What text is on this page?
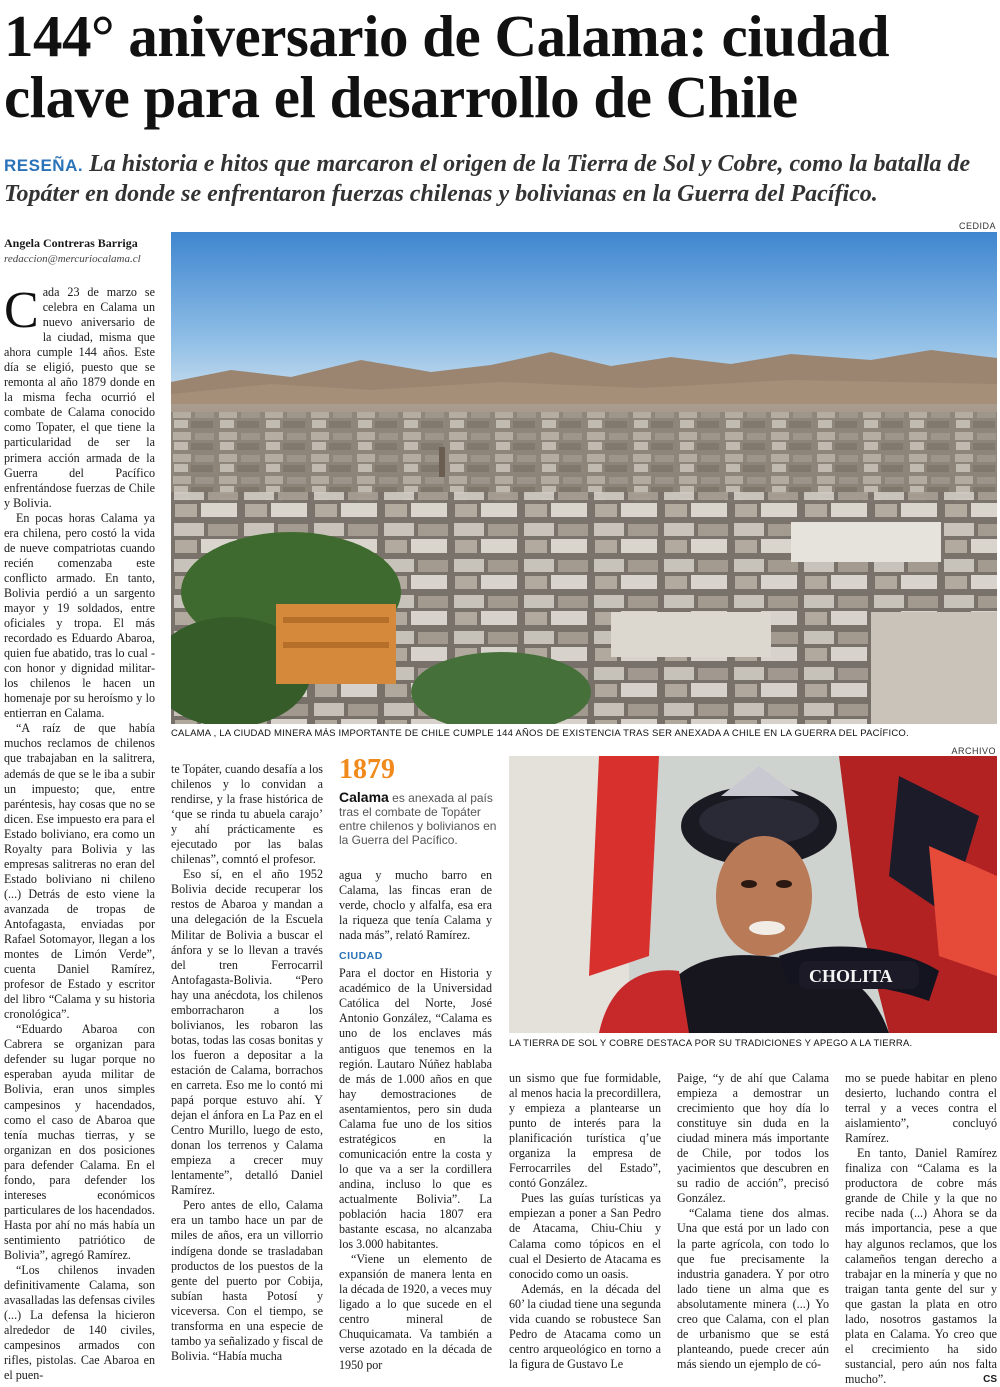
144° aniversario de Calama: ciudad clave para el desarrollo de Chile
RESEÑA. La historia e hitos que marcaron el origen de la Tierra de Sol y Cobre, como la batalla de Topáter en donde se enfrentaron fuerzas chilenas y bolivianas en la Guerra del Pacífico.
Angela Contreras Barriga
redaccion@mercuriocalama.cl
CEDIDA
CALAMA , LA CIUDAD MINERA MÁS IMPORTANTE DE CHILE CUMPLE 144 AÑOS DE EXISTENCIA TRAS SER ANEXADA A CHILE EN LA GUERRA DEL PACÍFICO.
ARCHIVO
CHOLITA
LA TIERRA DE SOL Y COBRE DESTACA POR SU TRADICIONES Y APEGO A LA TIERRA.
1879
Calama es anexada al país tras el combate de Topáter entre chilenos y bolivianos en la Guerra del Pacífico.

Cada 23 de marzo se celebra en Calama un nuevo aniversario de la ciudad, misma que ahora cumple 144 años. Este día se eligió, puesto que se remonta al año 1879 donde en la misma fecha ocurrió el combate de Calama conocido como Topater, el que tiene la particularidad de ser la primera acción armada de la Guerra del Pacífico enfrentándose fuerzas de Chile y Bolivia.

En pocas horas Calama ya era chilena, pero costó la vida de nueve compatriotas cuando recién comenzaba este conflicto armado. En tanto, Bolivia perdió a un sargento mayor y 19 soldados, entre oficiales y tropa. El más recordado es Eduardo Abaroa, quien fue abatido, tras lo cual -con honor y dignidad militar- los chilenos le hacen un homenaje por su heroísmo y lo entierran en Calama.

“A raíz de que había muchos reclamos de chilenos que trabajaban en la salitrera, además de que se le iba a subir un impuesto; que, entre paréntesis, hay cosas que no se dicen. Ese impuesto era para el Estado boliviano, era como un Royalty para Bolivia y las empresas salitreras no eran del Estado boliviano ni chileno (...) Detrás de esto viene la avanzada de tropas de Antofagasta, enviadas por Rafael Sotomayor, llegan a los montes de Limón Verde”, cuenta Daniel Ramírez, profesor de Estado y escritor del libro “Calama y su historia cronológica”.

“Eduardo Abaroa con Cabrera se organizan para defender su lugar porque no esperaban ayuda militar de Bolivia, eran unos simples campesinos y hacendados, como el caso de Abaroa que tenía muchas tierras, y se organizan en dos posiciones para defender Calama. En el fondo, para defender los intereses económicos particulares de los hacendados. Hasta por ahí no más había un sentimiento patriótico de Bolivia”, agregó Ramírez.

“Los chilenos invaden definitivamente Calama, son avasalladas las defensas civiles (...) La defensa la hicieron alrededor de 140 civiles, campesinos armados con rifles, pistolas. Cae Abaroa en el puen-

te Topáter, cuando desafía a los chilenos y lo convidan a rendirse, y la frase histórica de ‘que se rinda tu abuela carajo’ y ahí prácticamente es ejecutado por las balas chilenas”, comntó el profesor.

Eso sí, en el año 1952 Bolivia decide recuperar los restos de Abaroa y mandan a una delegación de la Escuela Militar de Bolivia a buscar el ánfora y se lo llevan a través del tren Ferrocarril Antofagasta-Bolivia. “Pero hay una anécdota, los chilenos emborracharon a los bolivianos, les robaron las botas, todas las cosas bonitas y los fueron a depositar a la estación de Calama, borrachos en carreta. Eso me lo contó mi papá porque estuvo ahí. Y dejan el ánfora en La Paz en el Centro Murillo, luego de esto, donan los terrenos y Calama empieza a crecer muy lentamente”, detalló Daniel Ramírez.

Pero antes de ello, Calama era un tambo hace un par de miles de años, era un villorrio indígena donde se trasladaban productos de los puestos de la gente del puerto por Cobija, subían hasta Potosí y viceversa. Con el tiempo, se transforma en una especie de tambo ya señalizado y fiscal de Bolivia. “Había mucha

agua y mucho barro en Calama, las fincas eran de verde, choclo y alfalfa, esa era la riqueza que tenía Calama y nada más”, relató Ramírez.

CIUDAD

Para el doctor en Historia y académico de la Universidad Católica del Norte, José Antonio González, “Calama es uno de los enclaves más antiguos que tenemos en la región. Lautaro Núñez hablaba de más de 1.000 años en que hay demostraciones de asentamientos, pero sin duda Calama fue uno de los sitios estratégicos en la comunicación entre la costa y lo que va a ser la cordillera andina, incluso lo que es actualmente Bolivia”. La población hacia 1807 era bastante escasa, no alcanzaba los 3.000 habitantes.

“Viene un elemento de expansión de manera lenta en la década de 1920, a veces muy ligado a lo que sucede en el centro mineral de Chuquicamata. Va también a verse azotado en la década de 1950 por

un sismo que fue formidable, al menos hacia la precordillera, y empieza a plantearse un punto de interés para la planificación turística q’ue organiza la empresa de Ferrocarriles del Estado”, contó González.

Pues las guías turísticas ya empiezan a poner a San Pedro de Atacama, Chiu-Chiu y Calama como tópicos en el cual el Desierto de Atacama es conocido como un oasis.

Además, en la década del 60’ la ciudad tiene una segunda vida cuando se robustece San Pedro de Atacama como un centro arqueológico en torno a la figura de Gustavo Le

Paige, “y de ahí que Calama empieza a demostrar un crecimiento que hoy día lo constituye sin duda en la ciudad minera más importante de Chile, por todos los yacimientos que descubren en su radio de acción”, precisó González.

“Calama tiene dos almas. Una que está por un lado con la parte agrícola, con todo lo que fue precisamente la industria ganadera. Y por otro lado tiene un alma que es absolutamente minera (...) Yo creo que Calama, con el plan de urbanismo que se está planteando, puede crecer aún más siendo un ejemplo de có-

mo se puede habitar en pleno desierto, luchando contra el terral y a veces contra el aislamiento”, concluyó Ramírez.

En tanto, Daniel Ramírez finaliza con “Calama es la productora de cobre más grande de Chile y la que no recibe nada (...) Ahora se da más importancia, pese a que hay algunos reclamos, que los calameños tengan derecho a trabajar en la minería y que no traigan tanta gente del sur y que gastan la plata en otro lado, nosotros gastamos la plata en Calama. Yo creo que el crecimiento ha sido sustancial, pero aún nos falta mucho”.	CS
